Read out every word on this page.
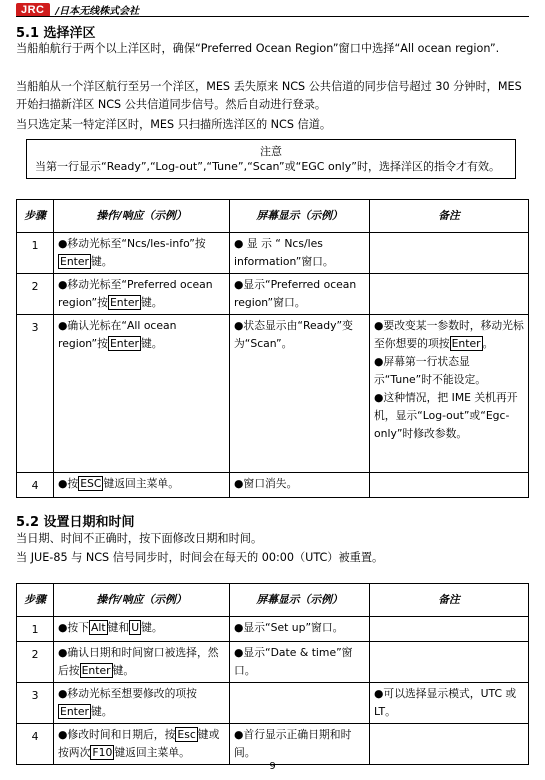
JRC	/日本无线株式会社
5.1 选择洋区
当船舶航行于两个以上洋区时，确保“Preferred Ocean Region”窗口中选择“All ocean region”.
当船舶从一个洋区航行至另一个洋区，MES 丢失原来 NCS 公共信道的同步信号超过 30 分钟时，MES 开始扫描新洋区 NCS 公共信道同步信号。然后自动进行登录。
当只选定某一特定洋区时，MES 只扫描所选洋区的 NCS 信道。
注意
当第一行显示“Ready”,“Log-out”,“Tune”,“Scan”或“EGC only”时，选择洋区的指令才有效。
步骤	操作/响应（示例）	屏幕显示（示例）	备注
1	●移动光标至“Ncs/les-info”按Enter 键。	● 显 示 “ Ncs/les information”窗口。	
2	●移动光标至“Preferred ocean region”按 Enter 键。	●显示“Preferred ocean region”窗口。	
3	●确认光标在“All ocean region”按 Enter 键。	●状态显示由“Ready”变为“Scan”。	●要改变某一参数时，移动光标至你想要的项按 Enter 。
●屏幕第一行状态显示“Tune”时不能设定。
●这种情况，把 IME 关机再开机，显示“Log-out”或“Egc-only”时修改参数。

4	●按 ESC 键返回主菜单。	●窗口消失。	
5.2 设置日期和时间
当日期、时间不正确时，按下面修改日期和时间。
当 JUE-85 与 NCS 信号同步时，时间会在每天的 00:00（UTC）被重置。
步骤	操作/响应（示例）	屏幕显示（示例）	备注
1	●按下 Alt 键和 U 键。	●显示“Set up”窗口。	
2	●确认日期和时间窗口被选择，然后按 Enter 键。	●显示“Date & time”窗口。	
3	●移动光标至想要修改的项按Enter 键。		●可以选择显示模式，UTC 或 LT。
4	●修改时间和日期后，按 Esc 键或按两次 F10 键返回主菜单。	●首行显示正确日期和时间。	
9
